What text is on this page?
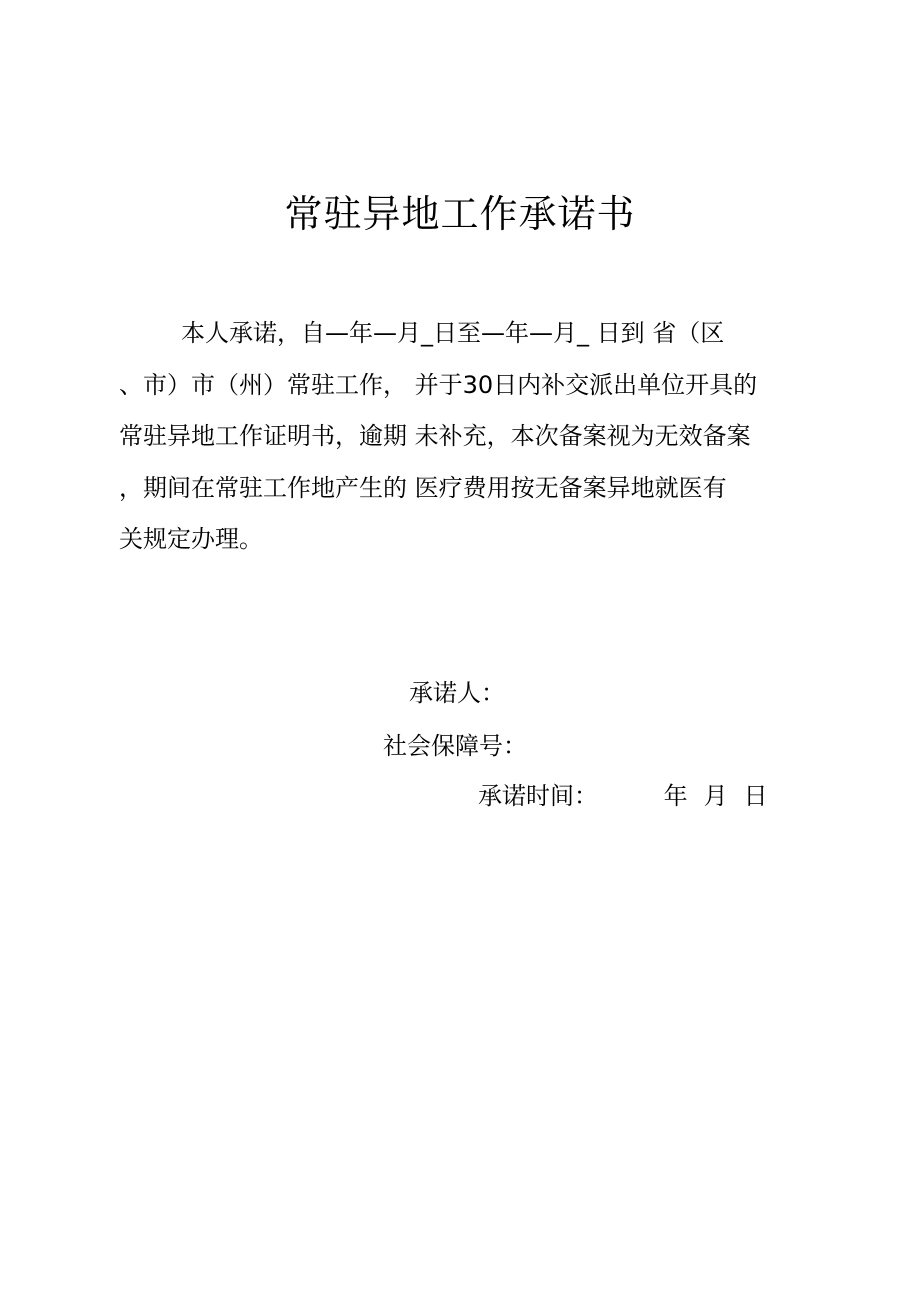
常驻异地工作承诺书
本人承诺，自—年—月_日至—年—月_ 日到 省（区
、市）市（州）常驻工作， 并于30日内补交派出单位开具的
常驻异地工作证明书，逾期 未补充，本次备案视为无效备案
，期间在常驻工作地产生的 医疗费用按无备案异地就医有
关规定办理。
承诺人：
社会保障号：
承诺时间：	年 月 日
